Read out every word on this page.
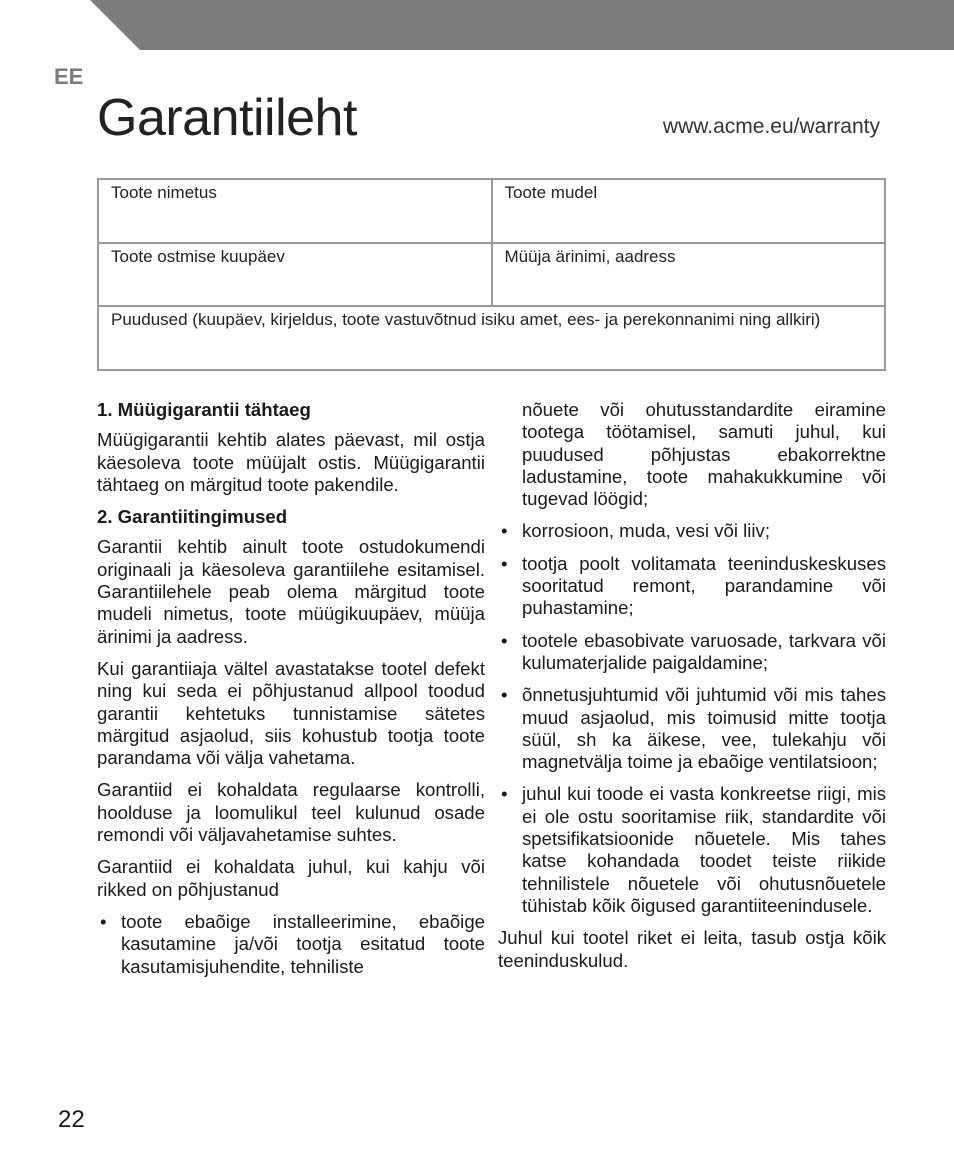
EE
Garantiileht	www.acme.eu/warranty
Toote nimetus	Toote mudel
Toote ostmise kuupäev	Müüja ärinimi, aadress
Puudused (kuupäev, kirjeldus, toote vastuvõtnud isiku amet, ees- ja perekonnanimi ning allkiri)	
1. Müügigarantii tähtaeg

Müügigarantii kehtib alates päevast, mil ostja käesoleva toote müüjalt ostis. Müügigarantii tähtaeg on märgitud toote pakendile.

2. Garantiitingimused

Garantii kehtib ainult toote ostudokumendi originaali ja käesoleva garantiilehe esitamisel. Garantiilehele peab olema märgitud toote mudeli nimetus, toote müügikuupäev, müüja ärinimi ja aadress.

Kui garantiiaja vältel avastatakse tootel defekt ning kui seda ei põhjustanud allpool toodud garantii kehtetuks tunnistamise sätetes märgitud asjaolud, siis kohustub tootja toote parandama või välja vahetama.

Garantiid ei kohaldata regulaarse kontrolli, hoolduse ja loomulikul teel kulunud osade remondi või väljavahetamise suhtes.

Garantiid ei kohaldata juhul, kui kahju või rikked on põhjustanud

• toote ebaõige installeerimine, ebaõige kasutamine ja/või tootja esitatud toote kasutamisjuhendite, tehniliste
nõuete või ohutusstandardite eiramine tootega töötamisel, samuti juhul, kui puudused põhjustas ebakorrektne ladustamine, toote mahakukkumine või tugevad löögid;
• korrosioon, muda, vesi või liiv;
• tootja poolt volitamata teeninduskeskuses sooritatud remont, parandamine või puhastamine;
• tootele ebasobivate varuosade, tarkvara või kulumaterjalide paigaldamine;
• õnnetusjuhtumid või juhtumid või mis tahes muud asjaolud, mis toimusid mitte tootja süül, sh ka äikese, vee, tulekahju või magnetvälja toime ja ebaõige ventilatsioon;
• juhul kui toode ei vasta konkreetse riigi, mis ei ole ostu sooritamise riik, standardite või spetsifikatsioonide nõuetele. Mis tahes katse kohandada toodet teiste riikide tehnilistele nõuetele või ohutusnõuetele tühistab kõik õigused garantiiteenindusele.

Juhul kui tootel riket ei leita, tasub ostja kõik teeninduskulud.

22
